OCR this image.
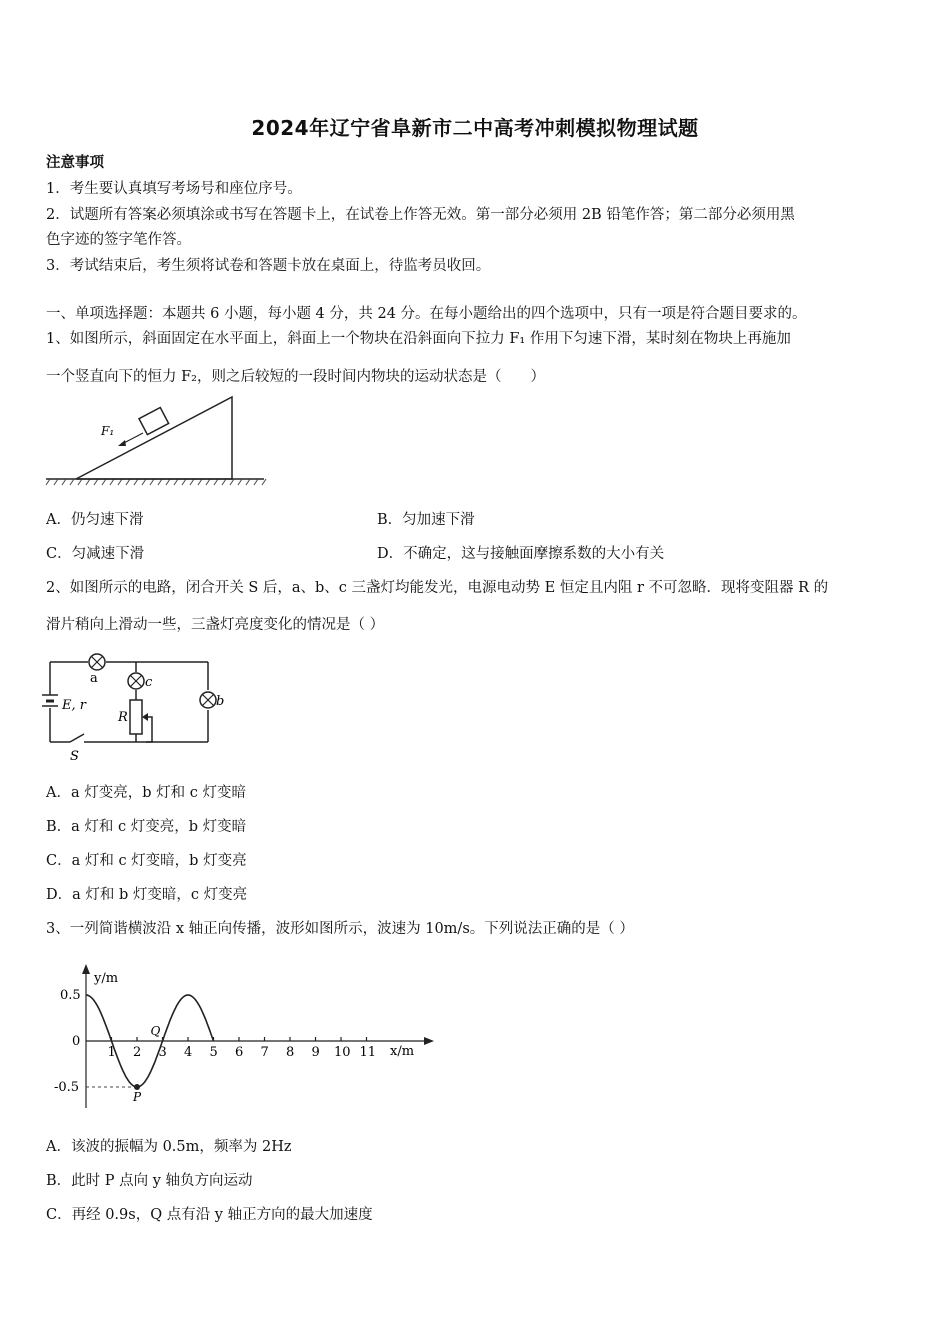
2024年辽宁省阜新市二中高考冲刺模拟物理试题
注意事项
1．考生要认真填写考场号和座位序号。
2．试题所有答案必须填涂或书写在答题卡上，在试卷上作答无效。第一部分必须用 2B 铅笔作答；第二部分必须用黑
色字迹的签字笔作答。
3．考试结束后，考生须将试卷和答题卡放在桌面上，待监考员收回。
一、单项选择题：本题共 6 小题，每小题 4 分，共 24 分。在每小题给出的四个选项中，只有一项是符合题目要求的。
1、如图所示，斜面固定在水平面上，斜面上一个物块在沿斜面向下拉力 F₁ 作用下匀速下滑，某时刻在物块上再施加
一个竖直向下的恒力 F₂，则之后较短的一段时间内物块的运动状态是（　　）
F₁
A．仍匀速下滑	B．匀加速下滑
C．匀减速下滑	D．不确定，这与接触面摩擦系数的大小有关
2、如图所示的电路，闭合开关 S 后，a、b、c 三盏灯均能发光，电源电动势 E 恒定且内阻 r 不可忽略．现将变阻器 R 的
滑片稍向上滑动一些，三盏灯亮度变化的情况是（ ）
a	c
b
E, r
R
S
A．a 灯变亮，b 灯和 c 灯变暗
B．a 灯和 c 灯变亮，b 灯变暗
C．a 灯和 c 灯变暗，b 灯变亮
D．a 灯和 b 灯变暗，c 灯变亮
3、一列简谐横波沿 x 轴正向传播，波形如图所示，波速为 10m/s。下列说法正确的是（ ）
y/m
x/m
1 2 3 4 5 6 7 8 9 10 11
0.5
0
-0.5
P
Q
A．该波的振幅为 0.5m，频率为 2Hz
B．此时 P 点向 y 轴负方向运动
C．再经 0.9s，Q 点有沿 y 轴正方向的最大加速度
